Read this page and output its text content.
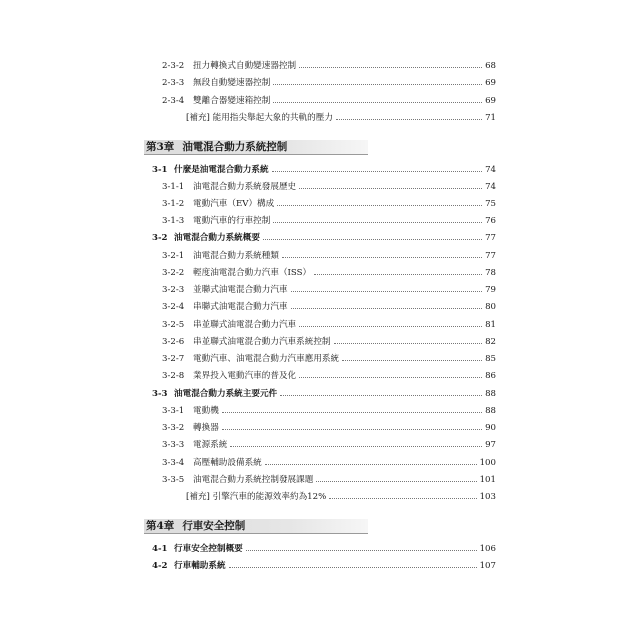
2-3-2	扭力轉換式自動變速器控制	68
2-3-3	無段自動變速器控制	69
2-3-4	雙離合器變速箱控制	69
[補充] 能用指尖舉起大象的共軌的壓力	71
第3章 油電混合動力系統控制
3-1 什麼是油電混合動力系統	74
3-1-1	油電混合動力系統發展歷史	74
3-1-2	電動汽車（EV）構成	75
3-1-3	電動汽車的行車控制	76
3-2 油電混合動力系統概要	77
3-2-1	油電混合動力系統種類	77
3-2-2	輕度油電混合動力汽車（ISS）	78
3-2-3	並聯式油電混合動力汽車	79
3-2-4	串聯式油電混合動力汽車	80
3-2-5	串並聯式油電混合動力汽車	81
3-2-6	串並聯式油電混合動力汽車系統控制	82
3-2-7	電動汽車、油電混合動力汽車應用系統	85
3-2-8	業界投入電動汽車的普及化	86
3-3 油電混合動力系統主要元件	88
3-3-1	電動機	88
3-3-2	轉換器	90
3-3-3	電源系統	97
3-3-4	高壓輔助設備系統	100
3-3-5	油電混合動力系統控制發展課題	101
[補充] 引擎汽車的能源效率約為12%	103
第4章 行車安全控制
4-1 行車安全控制概要	106
4-2 行車輔助系統	107
